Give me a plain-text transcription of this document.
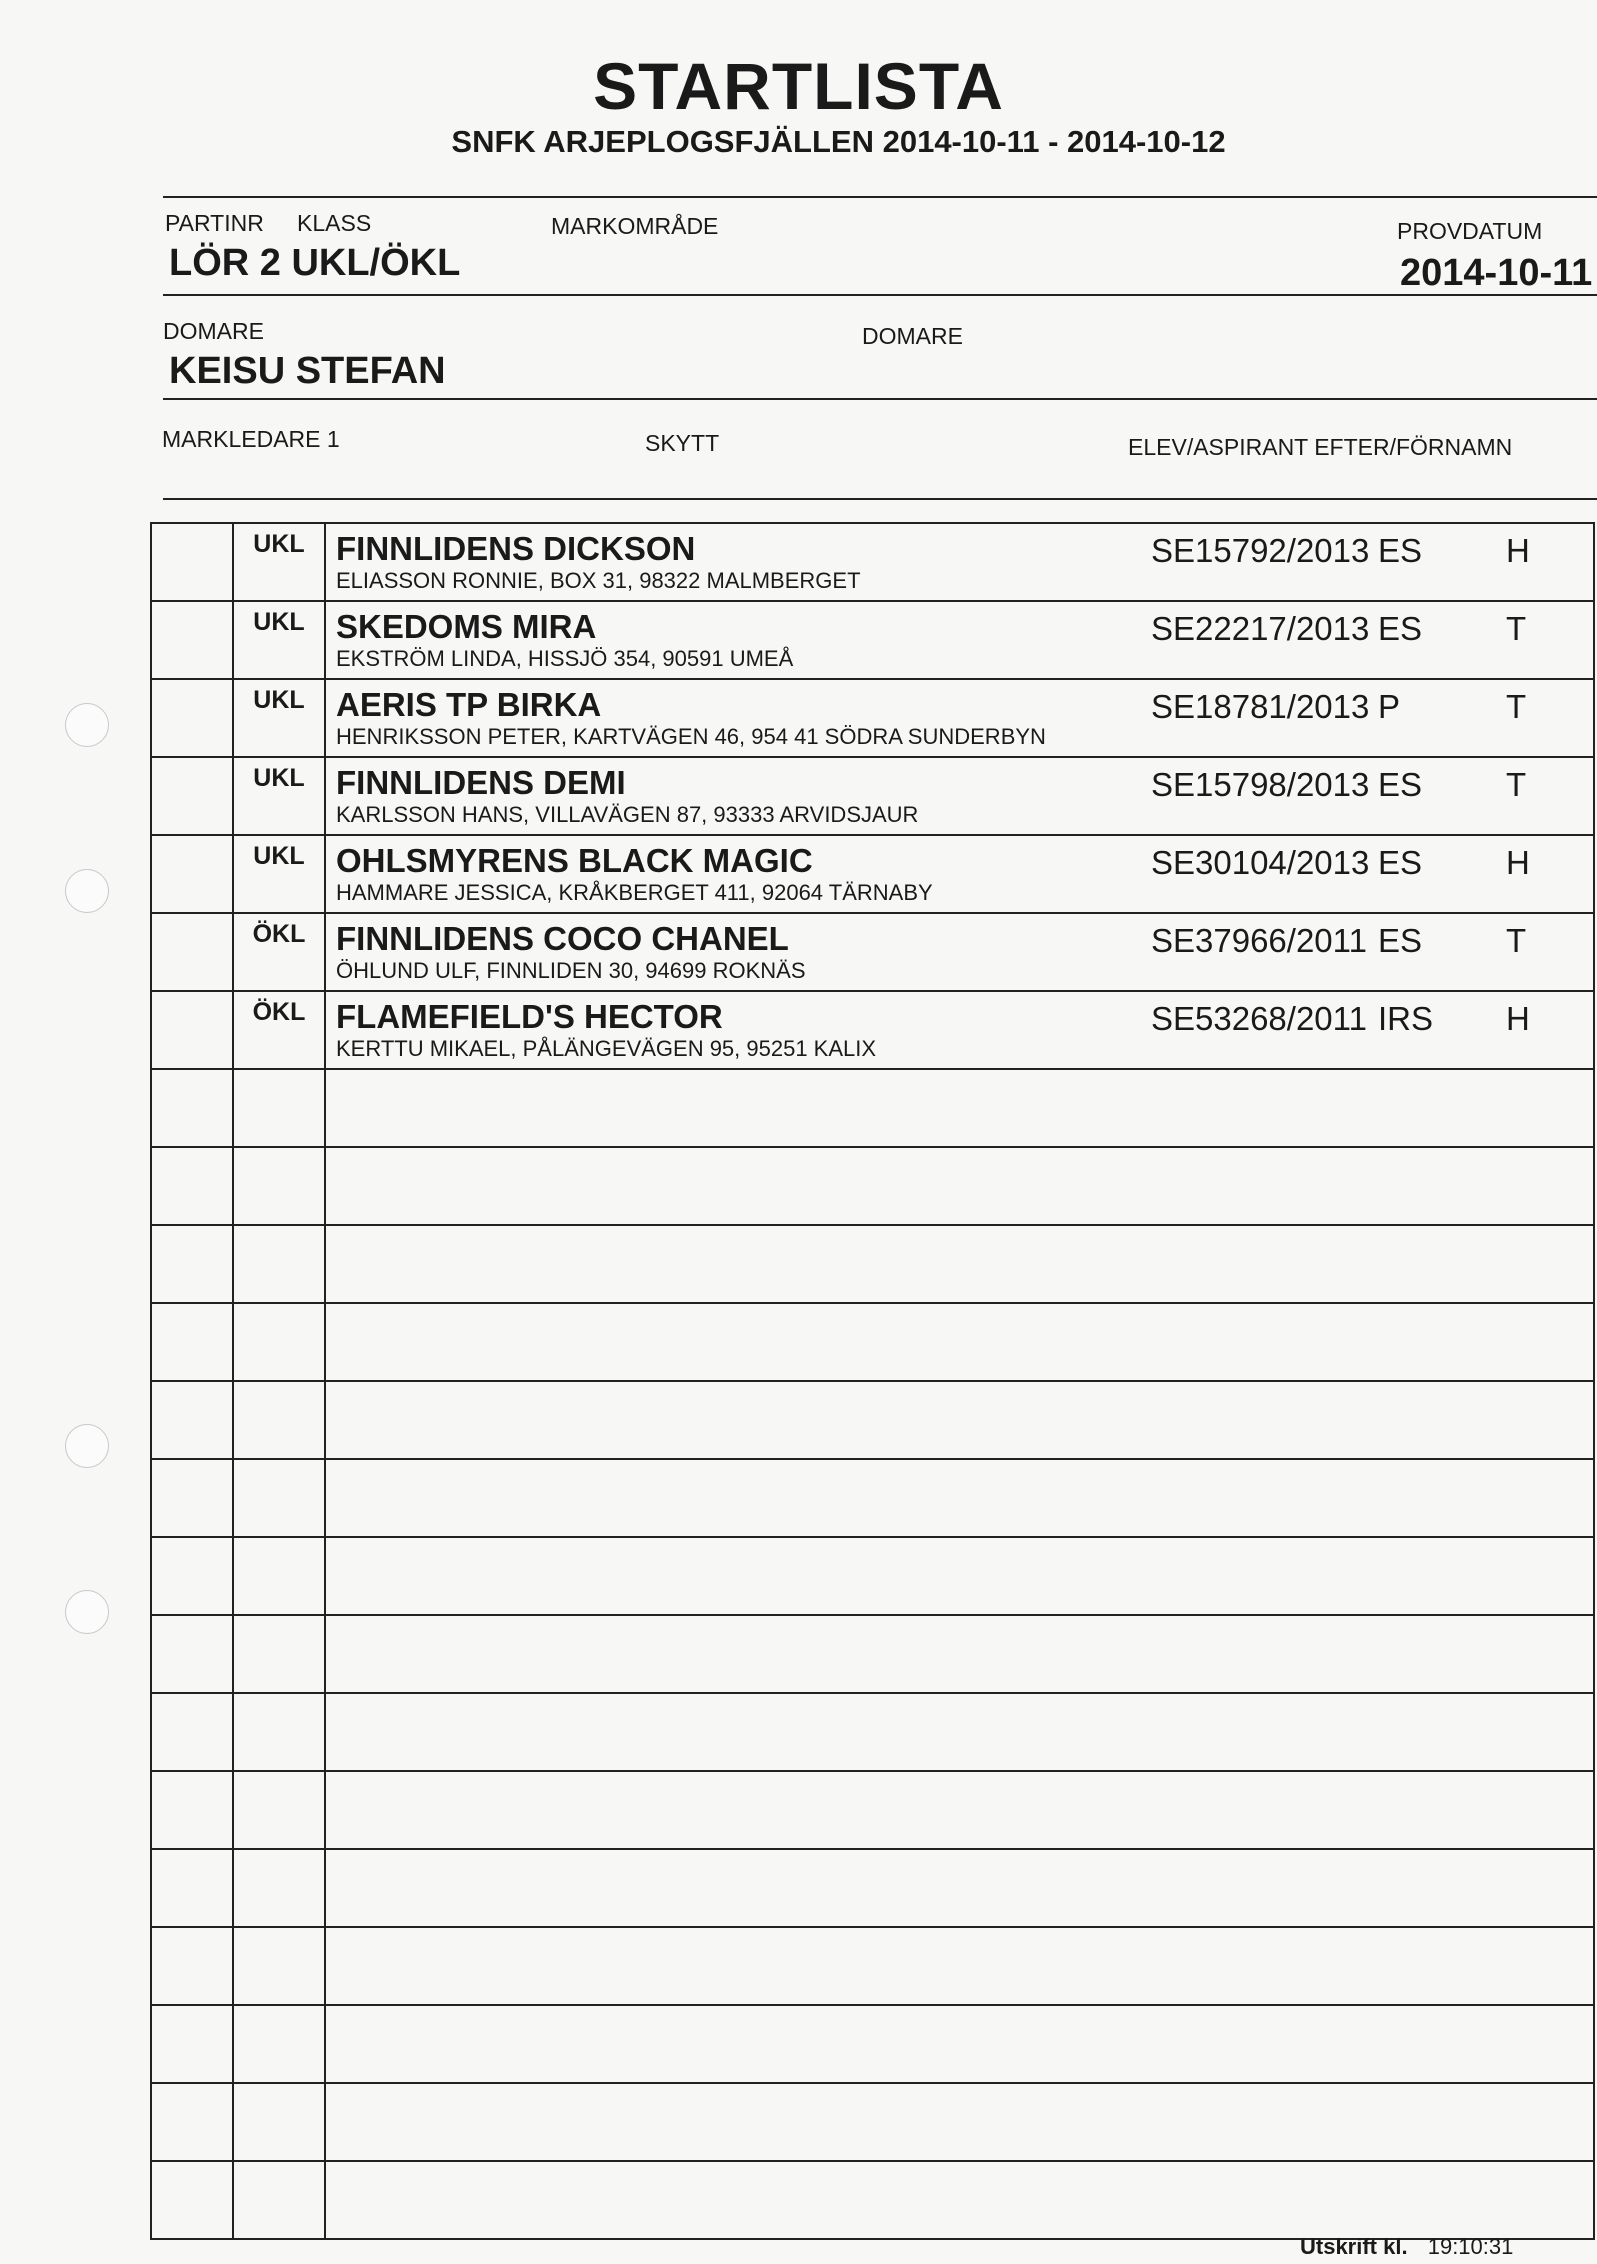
STARTLISTA
SNFK ARJEPLOGSFJÄLLEN 2014-10-11 - 2014-10-12
PARTINR KLASS	MARKOMRÅDE	PROVDATUM
LÖR 2 UKL/ÖKL	2014-10-11
DOMARE	DOMARE
KEISU STEFAN
MARKLEDARE 1	SKYTT	ELEV/ASPIRANT EFTER/FÖRNAMN
	UKL	FINNLIDENS DICKSON
ELIASSON RONNIE, BOX 31, 98322 MALMBERGET
SE15792/2013 ES H

	UKL	SKEDOMS MIRA
EKSTRÖM LINDA, HISSJÖ 354, 90591 UMEÅ
SE22217/2013 ES T

	UKL	AERIS TP BIRKA
HENRIKSSON PETER, KARTVÄGEN 46, 954 41 SÖDRA SUNDERBYN
SE18781/2013 P T

	UKL	FINNLIDENS DEMI
KARLSSON HANS, VILLAVÄGEN 87, 93333 ARVIDSJAUR
SE15798/2013 ES T

	UKL	OHLSMYRENS BLACK MAGIC
HAMMARE JESSICA, KRÅKBERGET 411, 92064 TÄRNABY
SE30104/2013 ES H

	ÖKL	FINNLIDENS COCO CHANEL
ÖHLUND ULF, FINNLIDEN 30, 94699 ROKNÄS
SE37966/2011 ES T

	ÖKL	FLAMEFIELD'S HECTOR
KERTTU MIKAEL, PÅLÄNGEVÄGEN 95, 95251 KALIX
SE53268/2011 IRS H

Utskrift kl. 19:10:31
